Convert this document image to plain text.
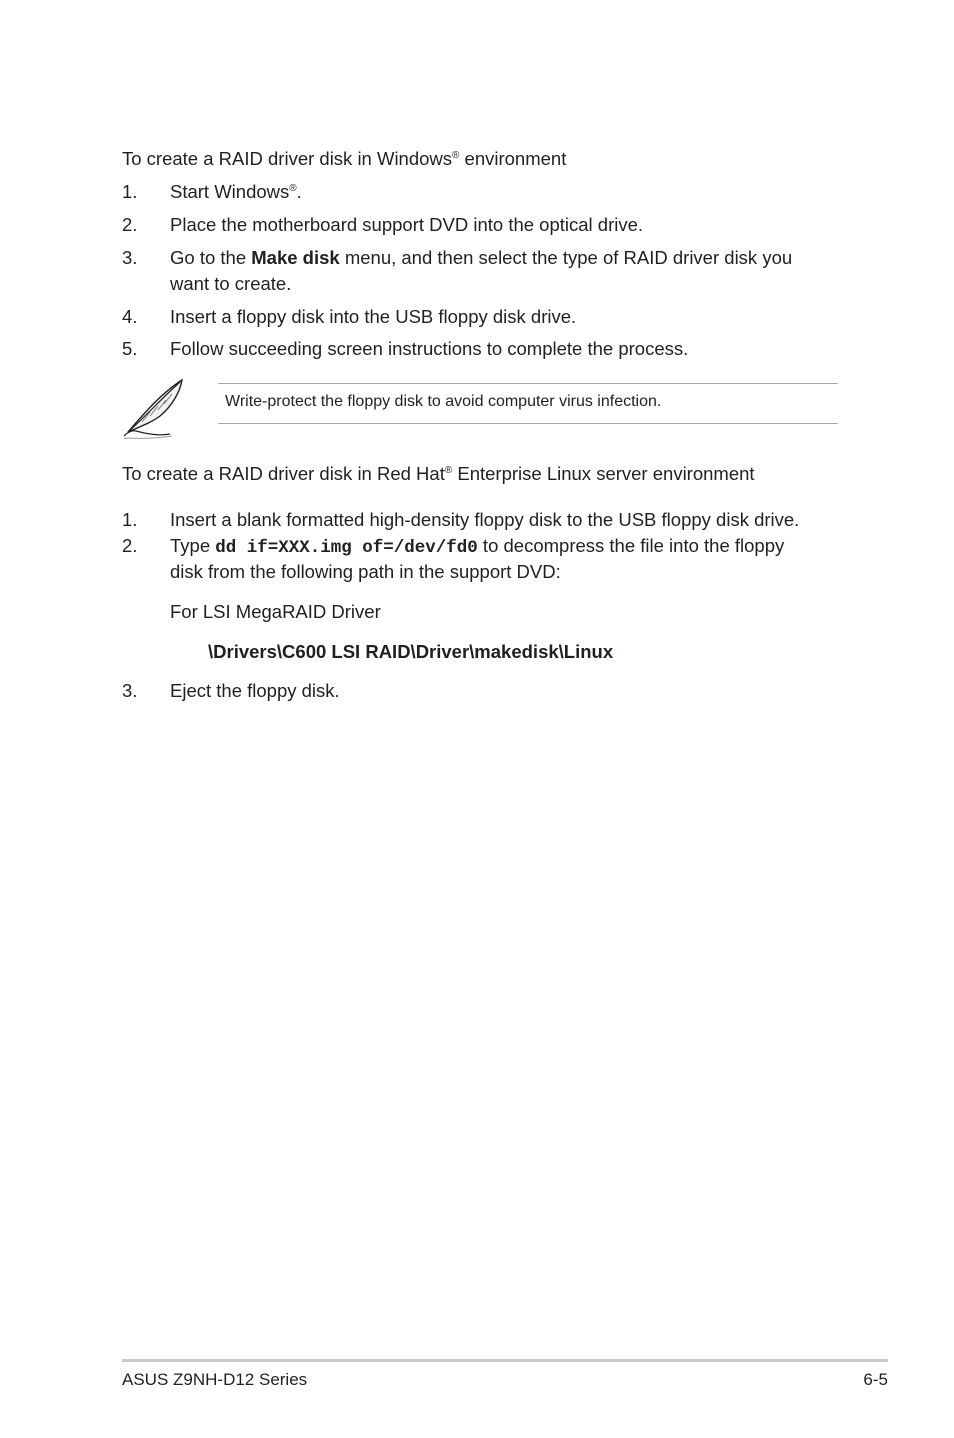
To create a RAID driver disk in Windows® environment
1. Start Windows®.
2. Place the motherboard support DVD into the optical drive.
3. Go to the Make disk menu, and then select the type of RAID driver disk you
want to create.
4. Insert a floppy disk into the USB floppy disk drive.
5. Follow succeeding screen instructions to complete the process.
Write-protect the floppy disk to avoid computer virus infection.
To create a RAID driver disk in Red Hat® Enterprise Linux server environment
1. Insert a blank formatted high-density floppy disk to the USB floppy disk drive.
2. Type dd if=XXX.img of=/dev/fd0 to decompress the file into the floppy
disk from the following path in the support DVD:
For LSI MegaRAID Driver
\Drivers\C600 LSI RAID\Driver\makedisk\Linux
3. Eject the floppy disk.
ASUS Z9NH-D12 Series	6-5
